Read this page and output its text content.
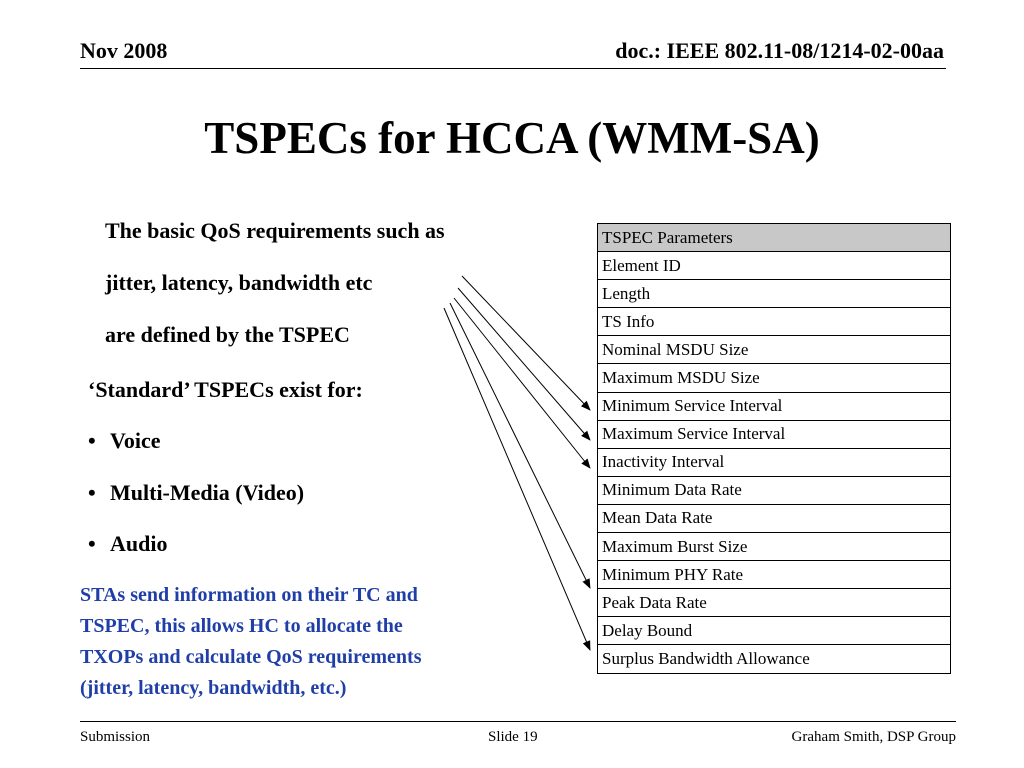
Nov 2008	doc.: IEEE 802.11-08/1214-02-00aa
TSPECs for HCCA (WMM-SA)
The basic QoS requirements such as
jitter, latency, bandwidth etc
are defined by the TSPEC
‘Standard’ TSPECs exist for:
• Voice
• Multi-Media (Video)
• Audio
STAs send information on their TC and
TSPEC, this allows HC to allocate the
TXOPs and calculate QoS requirements
(jitter, latency, bandwidth, etc.)
TSPEC Parameters
Element ID
Length
TS Info
Nominal MSDU Size
Maximum MSDU Size
Minimum Service Interval
Maximum Service Interval
Inactivity Interval
Minimum Data Rate
Mean Data Rate
Maximum Burst Size
Minimum PHY Rate
Peak Data Rate
Delay Bound
Surplus Bandwidth Allowance
Submission	Slide 19	Graham Smith, DSP Group
